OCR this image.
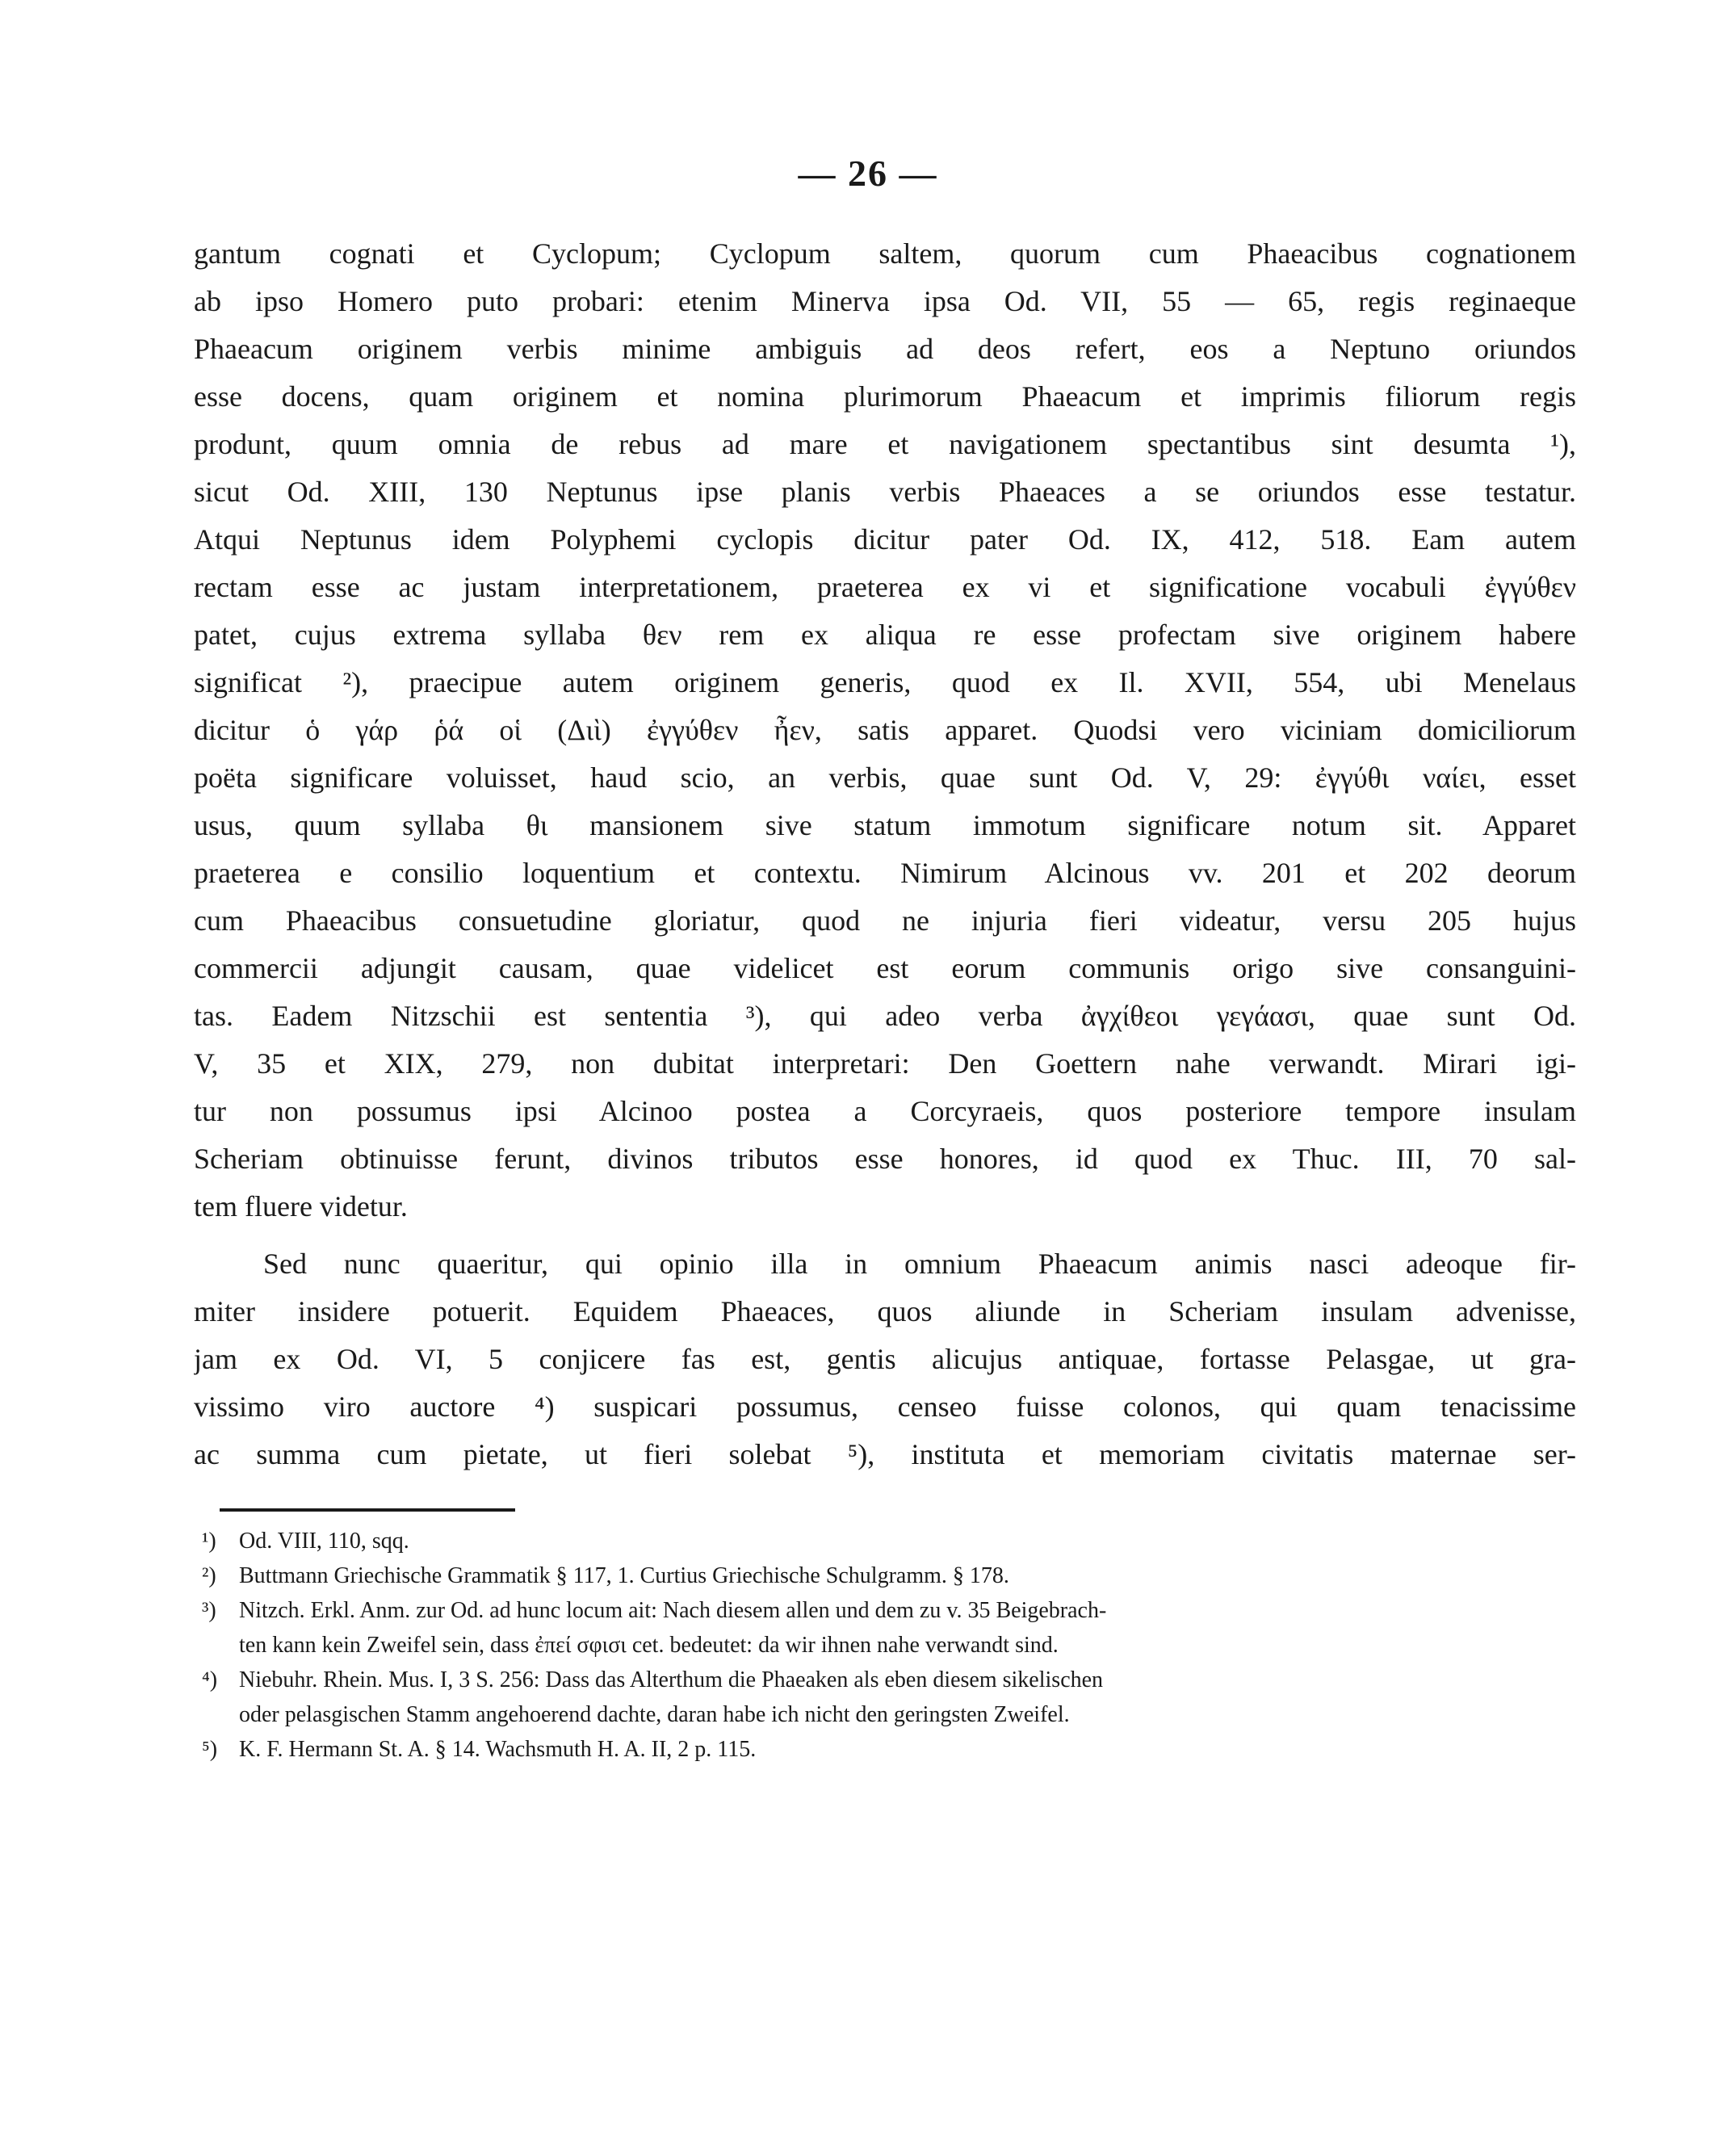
— 26 —
gantum cognati et Cyclopum; Cyclopum saltem, quorum cum Phaeacibus cognationem
ab ipso Homero puto probari: etenim Minerva ipsa Od. VII, 55 — 65, regis reginaeque
Phaeacum originem verbis minime ambiguis ad deos refert, eos a Neptuno oriundos
esse docens, quam originem et nomina plurimorum Phaeacum et imprimis filiorum regis
produnt, quum omnia de rebus ad mare et navigationem spectantibus sint desumta ¹),
sicut Od. XIII, 130 Neptunus ipse planis verbis Phaeaces a se oriundos esse testatur.
Atqui Neptunus idem Polyphemi cyclopis dicitur pater Od. IX, 412, 518. Eam autem
rectam esse ac justam interpretationem, praeterea ex vi et significatione vocabuli ἐγγύθεν
patet, cujus extrema syllaba θεν rem ex aliqua re esse profectam sive originem habere
significat ²), praecipue autem originem generis, quod ex Il. XVII, 554, ubi Menelaus
dicitur ὁ γάρ ῥά οἱ (Διὶ) ἐγγύθεν ἦεν, satis apparet. Quodsi vero viciniam domiciliorum
poëta significare voluisset, haud scio, an verbis, quae sunt Od. V, 29: ἐγγύθι ναίει, esset
usus, quum syllaba θι mansionem sive statum immotum significare notum sit. Apparet
praeterea e consilio loquentium et contextu. Nimirum Alcinous vv. 201 et 202 deorum
cum Phaeacibus consuetudine gloriatur, quod ne injuria fieri videatur, versu 205 hujus
commercii adjungit causam, quae videlicet est eorum communis origo sive consanguini-
tas. Eadem Nitzschii est sententia ³), qui adeo verba ἀγχίθεοι γεγάασι, quae sunt Od.
V, 35 et XIX, 279, non dubitat interpretari: Den Goettern nahe verwandt. Mirari igi-
tur non possumus ipsi Alcinoo postea a Corcyraeis, quos posteriore tempore insulam
Scheriam obtinuisse ferunt, divinos tributos esse honores, id quod ex Thuc. III, 70 sal-
tem fluere videtur.
Sed nunc quaeritur, qui opinio illa in omnium Phaeacum animis nasci adeoque fir-
miter insidere potuerit. Equidem Phaeaces, quos aliunde in Scheriam insulam advenisse,
jam ex Od. VI, 5 conjicere fas est, gentis alicujus antiquae, fortasse Pelasgae, ut gra-
vissimo viro auctore ⁴) suspicari possumus, censeo fuisse colonos, qui quam tenacissime
ac summa cum pietate, ut fieri solebat ⁵), instituta et memoriam civitatis maternae ser-
¹) Od. VIII, 110, sqq.
²) Buttmann Griechische Grammatik § 117, 1. Curtius Griechische Schulgramm. § 178.
³) Nitzch. Erkl. Anm. zur Od. ad hunc locum ait: Nach diesem allen und dem zu v. 35 Beigebrach-
ten kann kein Zweifel sein, dass ἐπεί σφισι cet. bedeutet: da wir ihnen nahe verwandt sind.
⁴) Niebuhr. Rhein. Mus. I, 3 S. 256: Dass das Alterthum die Phaeaken als eben diesem sikelischen
oder pelasgischen Stamm angehoerend dachte, daran habe ich nicht den geringsten Zweifel.
⁵) K. F. Hermann St. A. § 14. Wachsmuth H. A. II, 2 p. 115.
